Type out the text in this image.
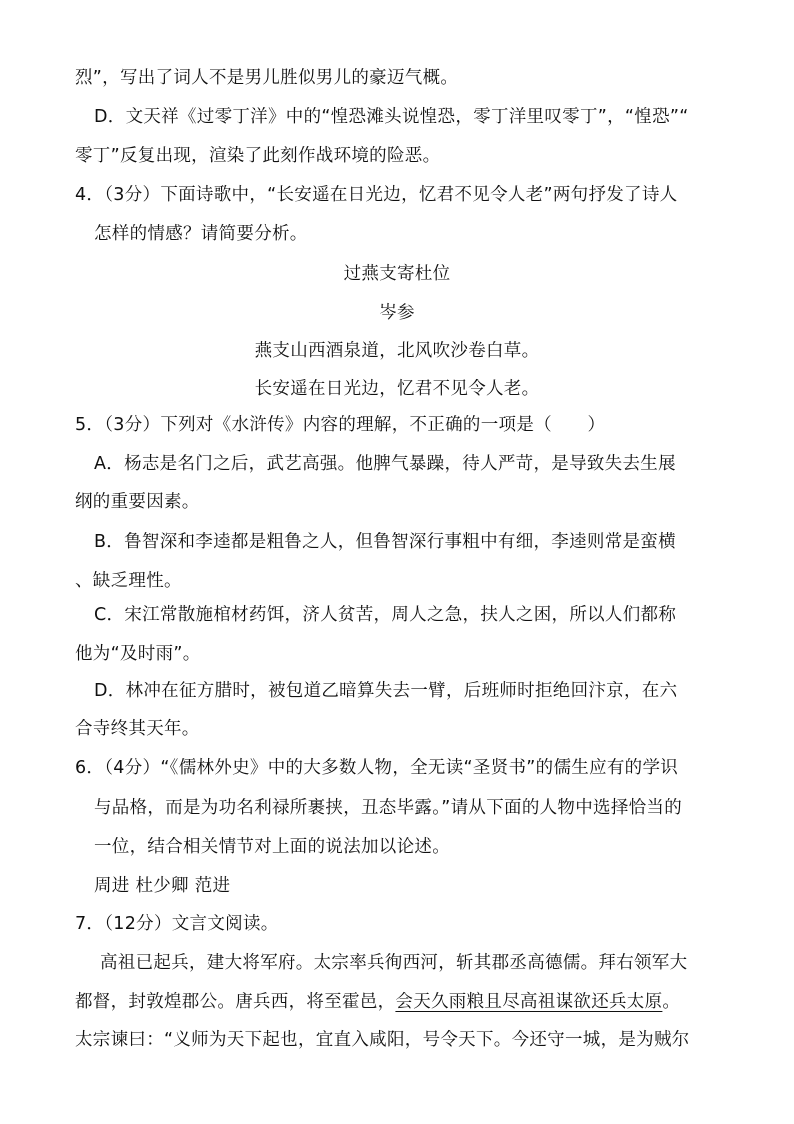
烈”，写出了词人不是男儿胜似男儿的豪迈气概。
D．文天祥《过零丁洋》中的“惶恐滩头说惶恐，零丁洋里叹零丁”，“惶恐”“
零丁”反复出现，渲染了此刻作战环境的险恶。
4．（3分）下面诗歌中，“长安遥在日光边，忆君不见令人老”两句抒发了诗人
怎样的情感？请简要分析。
过燕支寄杜位
岑参
燕支山西酒泉道，北风吹沙卷白草。
长安遥在日光边，忆君不见令人老。
5．（3分）下列对《水浒传》内容的理解，不正确的一项是（　　）
A．杨志是名门之后，武艺高强。他脾气暴躁，待人严苛，是导致失去生展
纲的重要因素。
B．鲁智深和李逵都是粗鲁之人，但鲁智深行事粗中有细，李逵则常是蛮横
、缺乏理性。
C．宋江常散施棺材药饵，济人贫苦，周人之急，扶人之困，所以人们都称
他为“及时雨”。
D．林冲在征方腊时，被包道乙暗算失去一臂，后班师时拒绝回汴京，在六
合寺终其天年。
6．（4分）“《儒林外史》中的大多数人物，全无读“圣贤书”的儒生应有的学识
与品格，而是为功名利禄所裹挟，丑态毕露。”请从下面的人物中选择恰当的
一位，结合相关情节对上面的说法加以论述。
周进 杜少卿 范进
7．（12分）文言文阅读。
高祖已起兵，建大将军府。太宗率兵徇西河，斩其郡丞高德儒。拜右领军大
都督，封敦煌郡公。唐兵西，将至霍邑，会天久雨粮且尽高祖谋欲还兵太原。
太宗谏曰：“义师为天下起也，宜直入咸阳，号令天下。今还守一城，是为贼尔
